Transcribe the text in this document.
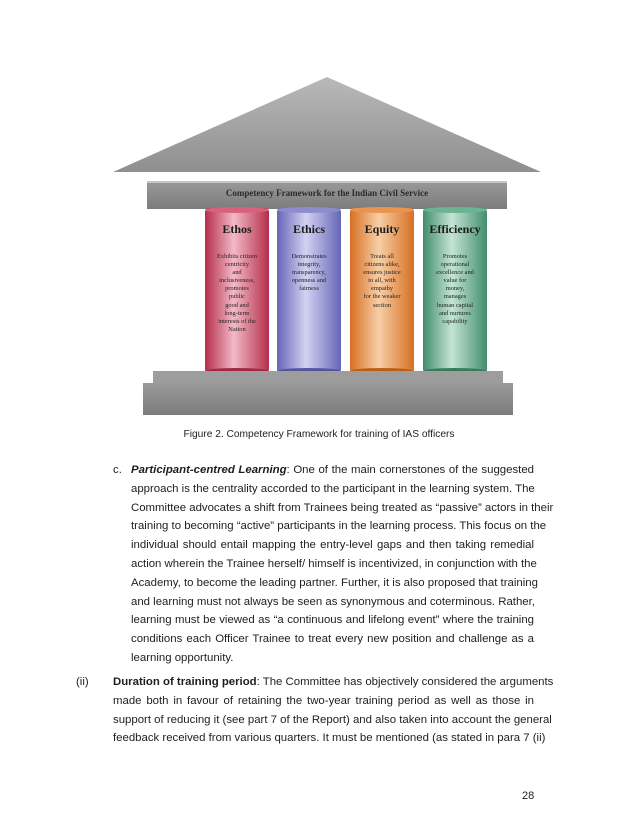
Competency Framework for the Indian Civil Service
Ethos	Ethics	Equity	Efficiency
Exhibits citizen
centricity
and
inclusiveness,
promotes
public
good and
long-term
interests of the
Nation
Demonstrates
integrity,
transparency,
openness and
fairness
Treats all
citizens alike,
ensures justice
to all, with
empathy
for the weaker
section
Promotes
operational
excellence and
value for
money,
manages
human capital
and nurtures
capability
Figure 2. Competency Framework for training of IAS officers
c. Participant-centred Learning: One of the main cornerstones of the suggested
approach is the centrality accorded to the participant in the learning system. The
Committee advocates a shift from Trainees being treated as “passive” actors in their
training to becoming “active” participants in the learning process. This focus on the
individual should entail mapping the entry-level gaps and then taking remedial
action wherein the Trainee herself/ himself is incentivized, in conjunction with the
Academy, to become the leading partner. Further, it is also proposed that training
and learning must not always be seen as synonymous and coterminous. Rather,
learning must be viewed as “a continuous and lifelong event” where the training
conditions each Officer Trainee to treat every new position and challenge as a
learning opportunity.
(ii) Duration of training period: The Committee has objectively considered the arguments
made both in favour of retaining the two-year training period as well as those in
support of reducing it (see part 7 of the Report) and also taken into account the general
feedback received from various quarters. It must be mentioned (as stated in para 7 (ii)
28
